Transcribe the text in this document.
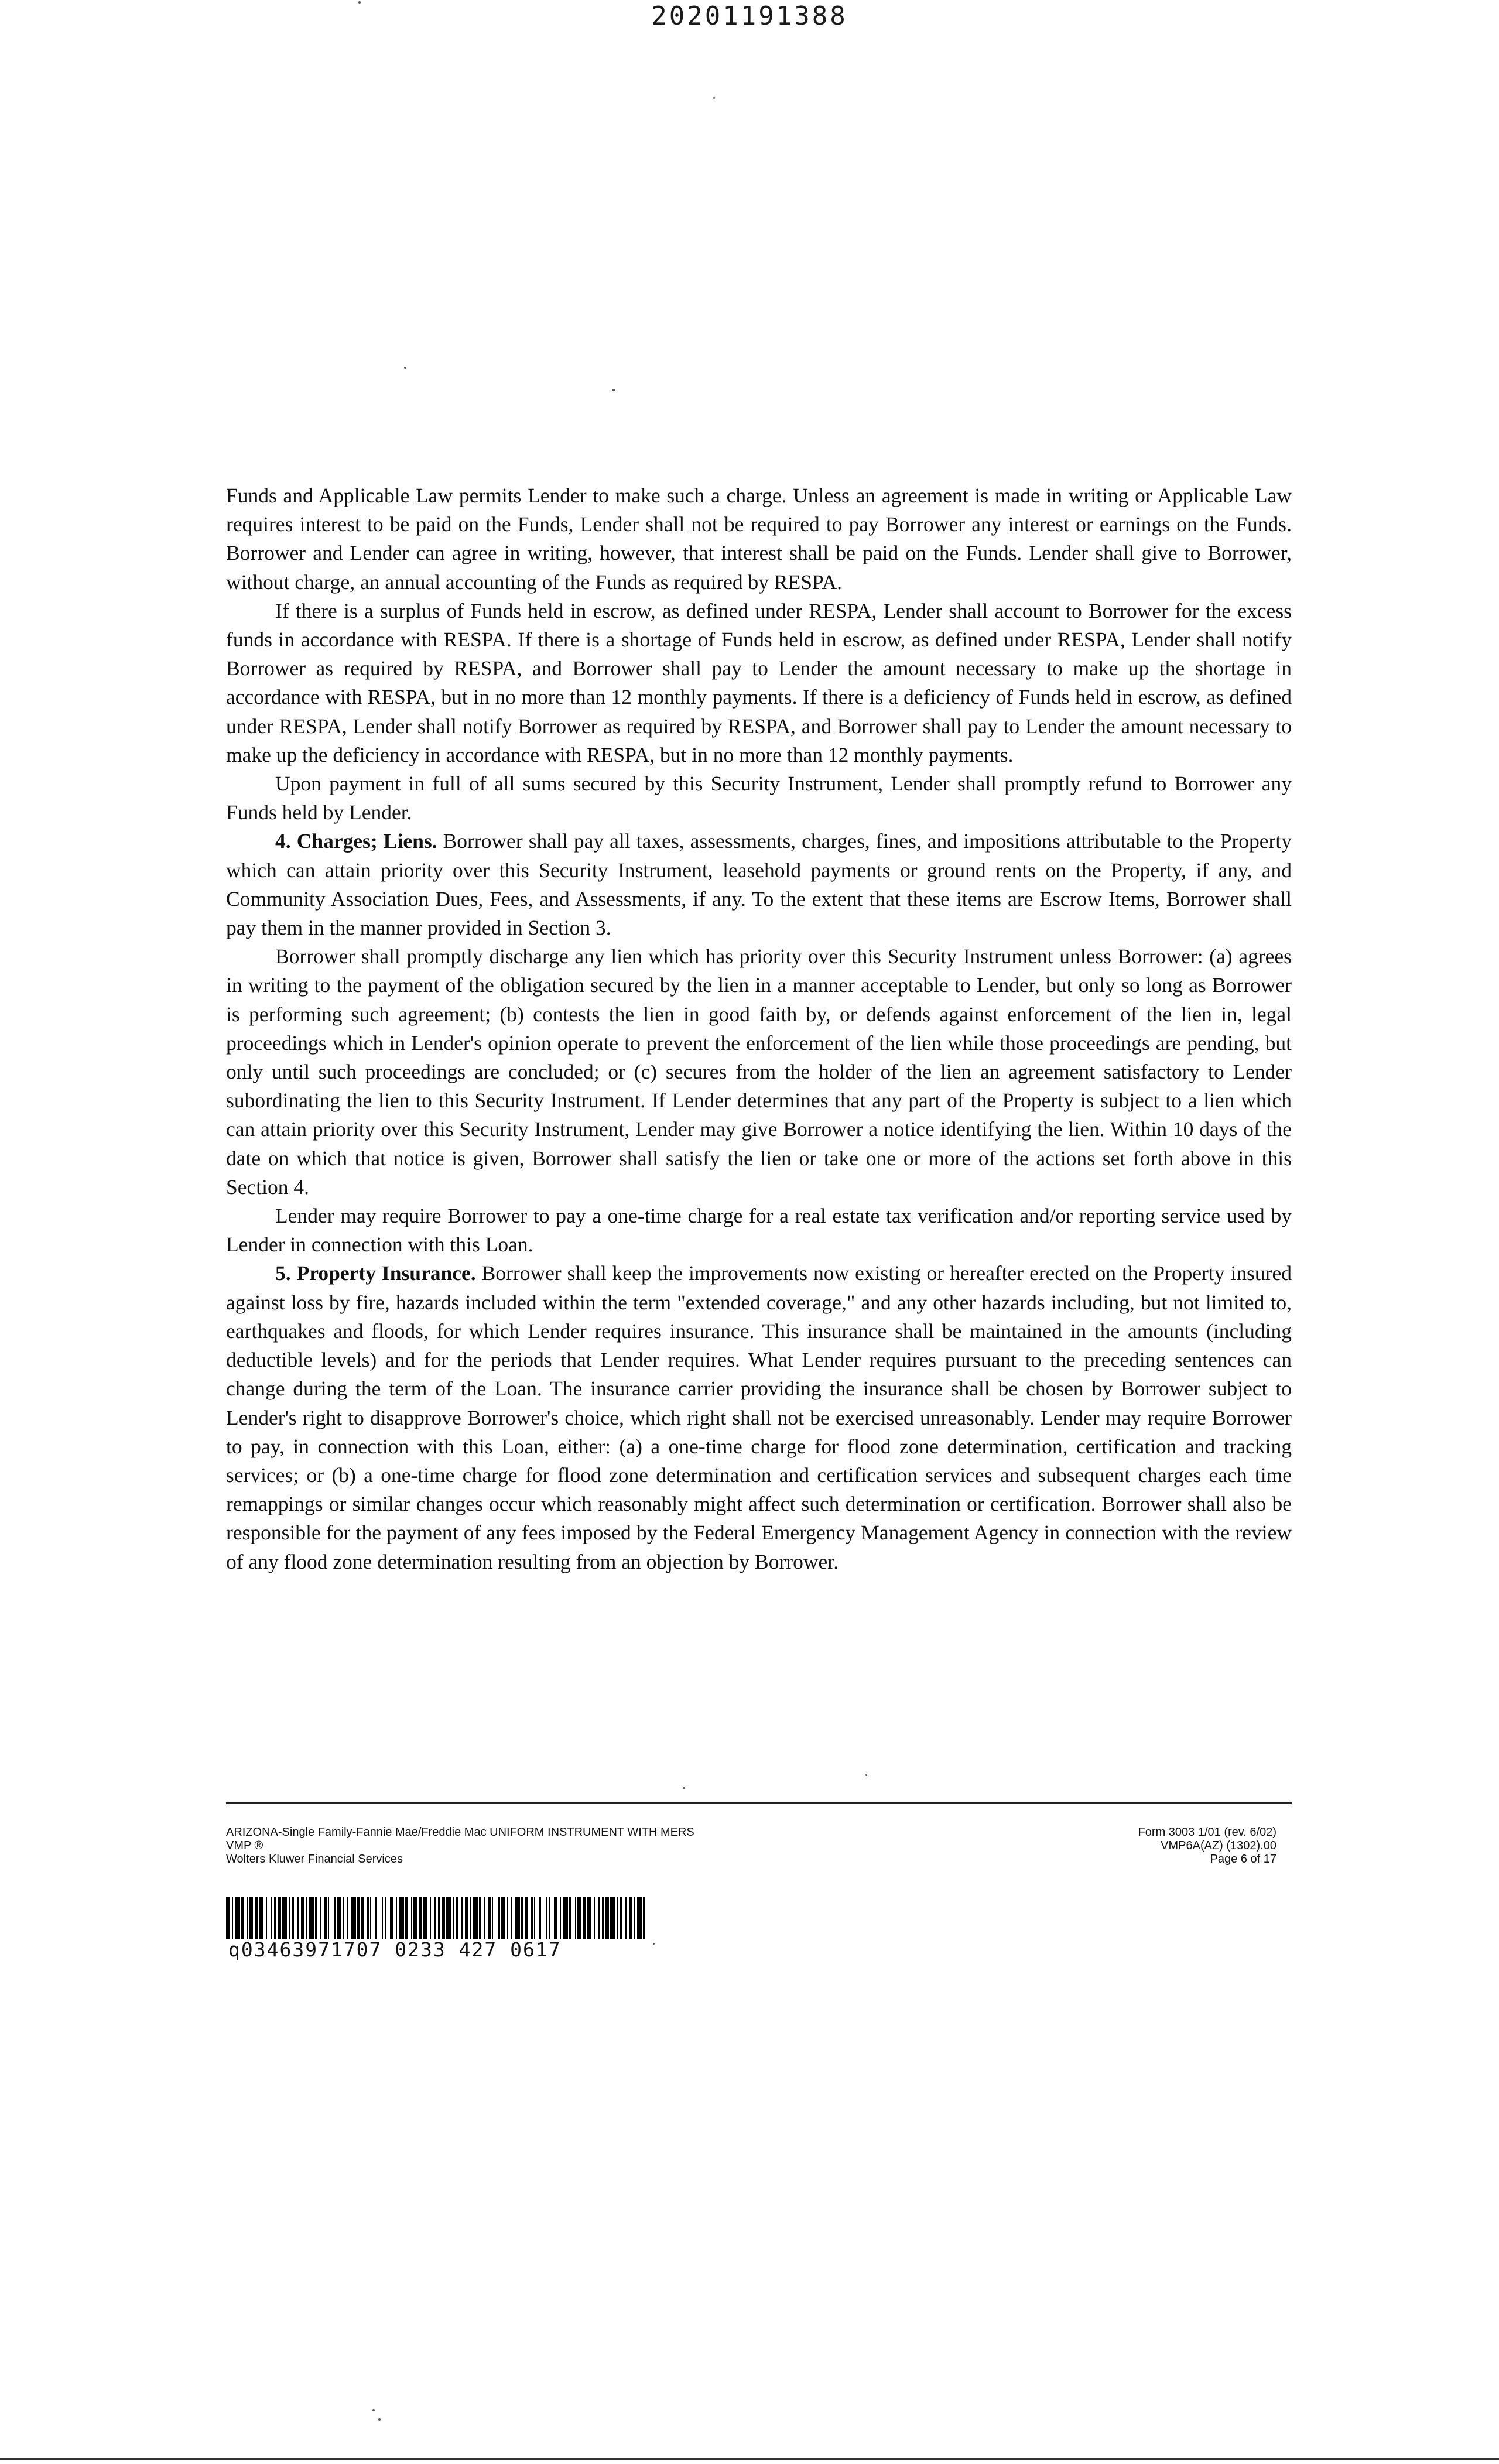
20201191388

Funds and Applicable Law permits Lender to make such a charge. Unless an agreement is made in writing or Applicable Law requires interest to be paid on the Funds, Lender shall not be required to pay Borrower any interest or earnings on the Funds. Borrower and Lender can agree in writing, however, that interest shall be paid on the Funds. Lender shall give to Borrower, without charge, an annual accounting of the Funds as required by RESPA.

If there is a surplus of Funds held in escrow, as defined under RESPA, Lender shall account to Borrower for the excess funds in accordance with RESPA. If there is a shortage of Funds held in escrow, as defined under RESPA, Lender shall notify Borrower as required by RESPA, and Borrower shall pay to Lender the amount necessary to make up the shortage in accordance with RESPA, but in no more than 12 monthly payments. If there is a deficiency of Funds held in escrow, as defined under RESPA, Lender shall notify Borrower as required by RESPA, and Borrower shall pay to Lender the amount necessary to make up the deficiency in accordance with RESPA, but in no more than 12 monthly payments.

Upon payment in full of all sums secured by this Security Instrument, Lender shall promptly refund to Borrower any Funds held by Lender.

4. Charges; Liens. Borrower shall pay all taxes, assessments, charges, fines, and impositions attributable to the Property which can attain priority over this Security Instrument, leasehold payments or ground rents on the Property, if any, and Community Association Dues, Fees, and Assessments, if any. To the extent that these items are Escrow Items, Borrower shall pay them in the manner provided in Section 3.

Borrower shall promptly discharge any lien which has priority over this Security Instrument unless Borrower: (a) agrees in writing to the payment of the obligation secured by the lien in a manner acceptable to Lender, but only so long as Borrower is performing such agreement; (b) contests the lien in good faith by, or defends against enforcement of the lien in, legal proceedings which in Lender's opinion operate to prevent the enforcement of the lien while those proceedings are pending, but only until such proceedings are concluded; or (c) secures from the holder of the lien an agreement satisfactory to Lender subordinating the lien to this Security Instrument. If Lender determines that any part of the Property is subject to a lien which can attain priority over this Security Instrument, Lender may give Borrower a notice identifying the lien. Within 10 days of the date on which that notice is given, Borrower shall satisfy the lien or take one or more of the actions set forth above in this Section 4.

Lender may require Borrower to pay a one-time charge for a real estate tax verification and/or reporting service used by Lender in connection with this Loan.

5. Property Insurance. Borrower shall keep the improvements now existing or hereafter erected on the Property insured against loss by fire, hazards included within the term "extended coverage," and any other hazards including, but not limited to, earthquakes and floods, for which Lender requires insurance. This insurance shall be maintained in the amounts (including deductible levels) and for the periods that Lender requires. What Lender requires pursuant to the preceding sentences can change during the term of the Loan. The insurance carrier providing the insurance shall be chosen by Borrower subject to Lender's right to disapprove Borrower's choice, which right shall not be exercised unreasonably. Lender may require Borrower to pay, in connection with this Loan, either: (a) a one-time charge for flood zone determination, certification and tracking services; or (b) a one-time charge for flood zone determination and certification services and subsequent charges each time remappings or similar changes occur which reasonably might affect such determination or certification. Borrower shall also be responsible for the payment of any fees imposed by the Federal Emergency Management Agency in connection with the review of any flood zone determination resulting from an objection by Borrower.

ARIZONA-Single Family-Fannie Mae/Freddie Mac UNIFORM INSTRUMENT WITH MERS
VMP ®
Wolters Kluwer Financial Services
Form 3003 1/01 (rev. 6/02)
VMP6A(AZ) (1302).00
Page 6 of 17
q03463971707 0233 427 0617
